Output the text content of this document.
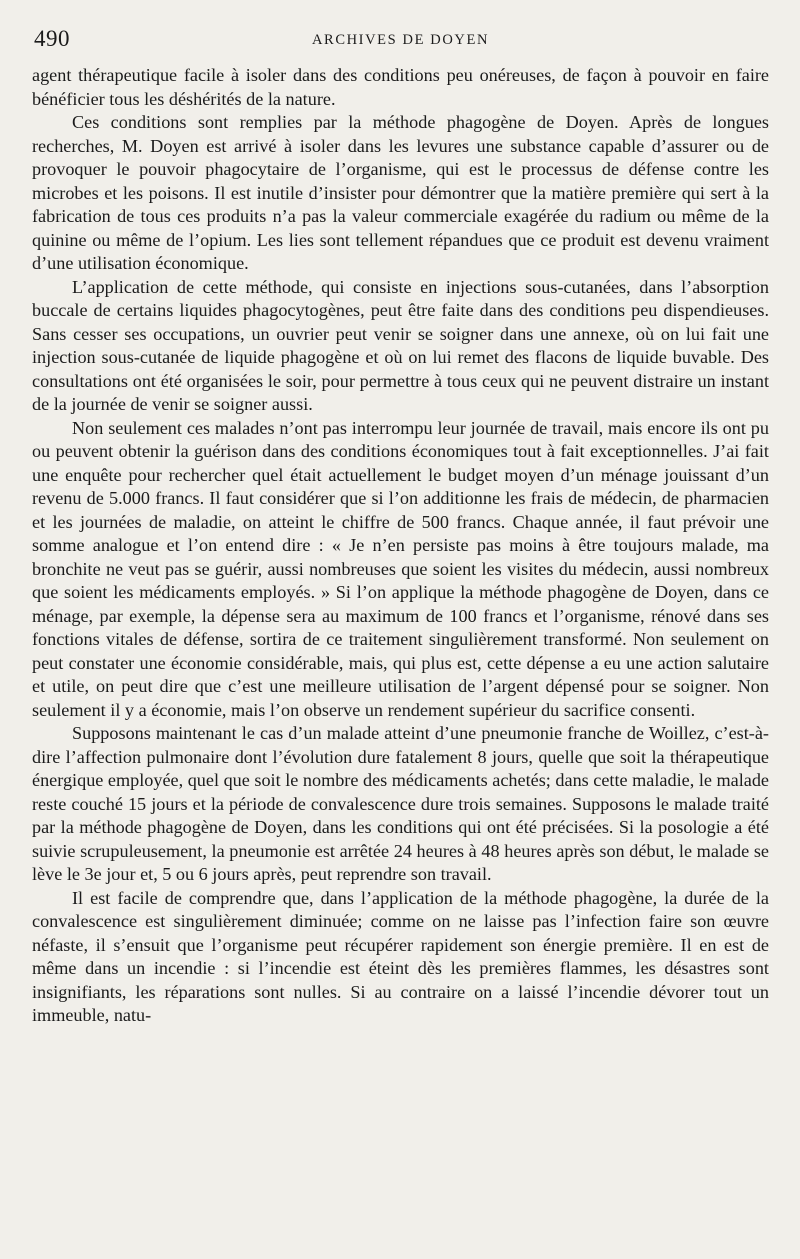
490	ARCHIVES DE DOYEN

agent thérapeutique facile à isoler dans des conditions peu onéreuses, de façon à pouvoir en faire bénéficier tous les déshérités de la nature.

Ces conditions sont remplies par la méthode phagogène de Doyen. Après de longues recherches, M. Doyen est arrivé à isoler dans les levures une substance capable d’assurer ou de provoquer le pouvoir phagocytaire de l’organisme, qui est le processus de défense contre les microbes et les poisons. Il est inutile d’insister pour démontrer que la matière première qui sert à la fabrication de tous ces produits n’a pas la valeur commerciale exagérée du radium ou même de la quinine ou même de l’opium. Les lies sont tellement répandues que ce produit est devenu vraiment d’une utilisation économique.

L’application de cette méthode, qui consiste en injections sous-cutanées, dans l’absorption buccale de certains liquides phagocytogènes, peut être faite dans des conditions peu dispendieuses. Sans cesser ses occupations, un ouvrier peut venir se soigner dans une annexe, où on lui fait une injection sous-cutanée de liquide phagogène et où on lui remet des flacons de liquide buvable. Des consultations ont été organisées le soir, pour permettre à tous ceux qui ne peuvent distraire un instant de la journée de venir se soigner aussi.

Non seulement ces malades n’ont pas interrompu leur journée de travail, mais encore ils ont pu ou peuvent obtenir la guérison dans des conditions économiques tout à fait exceptionnelles. J’ai fait une enquête pour rechercher quel était actuellement le budget moyen d’un ménage jouissant d’un revenu de 5.000 francs. Il faut considérer que si l’on additionne les frais de médecin, de pharmacien et les journées de maladie, on atteint le chiffre de 500 francs. Chaque année, il faut prévoir une somme analogue et l’on entend dire : « Je n’en persiste pas moins à être toujours malade, ma bronchite ne veut pas se guérir, aussi nombreuses que soient les visites du médecin, aussi nombreux que soient les médicaments employés. » Si l’on applique la méthode phagogène de Doyen, dans ce ménage, par exemple, la dépense sera au maximum de 100 francs et l’organisme, rénové dans ses fonctions vitales de défense, sortira de ce traitement singulièrement transformé. Non seulement on peut constater une économie considérable, mais, qui plus est, cette dépense a eu une action salutaire et utile, on peut dire que c’est une meilleure utilisation de l’argent dépensé pour se soigner. Non seulement il y a économie, mais l’on observe un rendement supérieur du sacrifice consenti.

Supposons maintenant le cas d’un malade atteint d’une pneumonie franche de Woillez, c’est-à-dire l’affection pulmonaire dont l’évolution dure fatalement 8 jours, quelle que soit la thérapeutique énergique employée, quel que soit le nombre des médicaments achetés; dans cette maladie, le malade reste couché 15 jours et la période de convalescence dure trois semaines. Supposons le malade traité par la méthode phagogène de Doyen, dans les conditions qui ont été précisées. Si la posologie a été suivie scrupuleusement, la pneumonie est arrêtée 24 heures à 48 heures après son début, le malade se lève le 3e jour et, 5 ou 6 jours après, peut reprendre son travail.

Il est facile de comprendre que, dans l’application de la méthode phagogène, la durée de la convalescence est singulièrement diminuée; comme on ne laisse pas l’infection faire son œuvre néfaste, il s’ensuit que l’organisme peut récupérer rapidement son énergie première. Il en est de même dans un incendie : si l’incendie est éteint dès les premières flammes, les désastres sont insignifiants, les réparations sont nulles. Si au contraire on a laissé l’incendie dévorer tout un immeuble, natu-
